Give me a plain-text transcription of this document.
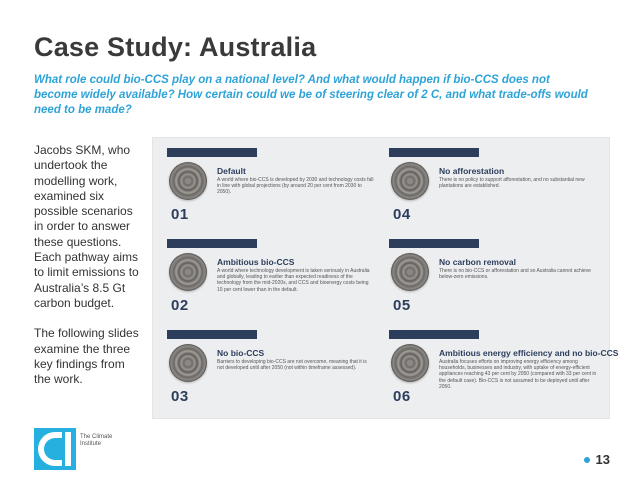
Case Study: Australia
What role could bio-CCS play on a national level? And what would happen if bio-CCS does not become widely available? How certain could we be of steering clear of 2 C, and what trade-offs would need to be made?

Jacobs SKM, who undertook the modelling work, examined six possible scenarios in order to answer these questions. Each pathway aims to limit emissions to Australia’s 8.5 Gt carbon budget.

The following slides examine the three key findings from the work.

01
Default
A world where bio-CCS is developed by 2030 and technology costs fall in line with global projections (by around 20 per cent from 2030 to 2050).
04
No afforestation
There is no policy to support afforestation, and no substantial new plantations are established.
02
Ambitious bio-CCS
A world where technology development is taken seriously in Australia and globally, leading to earlier than expected readiness of the technology from the mid-2020s, and CCS and bioenergy costs being 10 per cent lower than in the default.
05
No carbon removal
There is no bio-CCS or afforestation and so Australia cannot achieve below-zero emissions.
03
No bio-CCS
Barriers to developing bio-CCS are not overcome, meaning that it is not developed until after 2050 (not within timeframe assessed).
06
Ambitious energy efficiency and no bio-CCS
Australia focuses efforts on improving energy efficiency among households, businesses and industry, with uptake of energy-efficient appliances reaching 43 per cent by 2050 (compared with 33 per cent in the default case). Bio-CCS is not assumed to be deployed until after 2050.
The Climate Institute
13
